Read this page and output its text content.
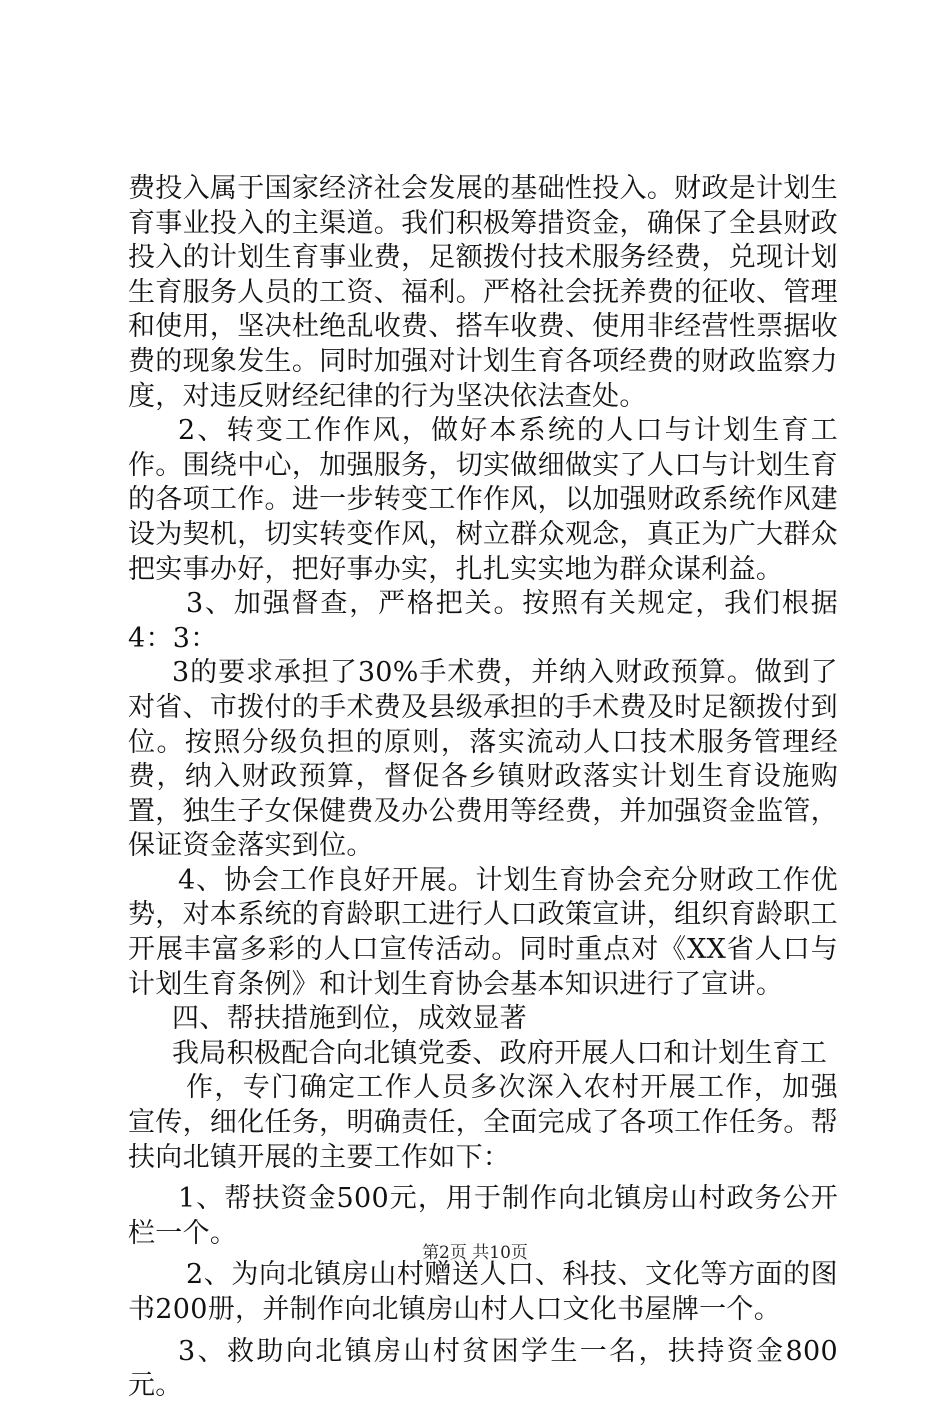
费投入属于国家经济社会发展的基础性投入。财政是计划生育事业投入的主渠道。我们积极筹措资金，确保了全县财政投入的计划生育事业费，足额拨付技术服务经费，兑现计划生育服务人员的工资、福利。严格社会抚养费的征收、管理和使用，坚决杜绝乱收费、搭车收费、使用非经营性票据收费的现象发生。同时加强对计划生育各项经费的财政监察力度，对违反财经纪律的行为坚决依法查处。

2、转变工作作风，做好本系统的人口与计划生育工作。围绕中心，加强服务，切实做细做实了人口与计划生育的各项工作。进一步转变工作作风，以加强财政系统作风建设为契机，切实转变作风，树立群众观念，真正为广大群众把实事办好，把好事办实，扎扎实实地为群众谋利益。

3、加强督查，严格把关。按照有关规定，我们根据4：3：

3的要求承担了30%手术费，并纳入财政预算。做到了对省、市拨付的手术费及县级承担的手术费及时足额拨付到位。按照分级负担的原则，落实流动人口技术服务管理经费，纳入财政预算，督促各乡镇财政落实计划生育设施购置，独生子女保健费及办公费用等经费，并加强资金监管，保证资金落实到位。

4、协会工作良好开展。计划生育协会充分财政工作优势，对本系统的育龄职工进行人口政策宣讲，组织育龄职工开展丰富多彩的人口宣传活动。同时重点对《XX省人口与计划生育条例》和计划生育协会基本知识进行了宣讲。

四、帮扶措施到位，成效显著

我局积极配合向北镇党委、政府开展人口和计划生育工

作，专门确定工作人员多次深入农村开展工作，加强宣传，细化任务，明确责任，全面完成了各项工作任务。帮扶向北镇开展的主要工作如下：

1、帮扶资金500元，用于制作向北镇房山村政务公开栏一个。

2、为向北镇房山村赠送人口、科技、文化等方面的图书200册，并制作向北镇房山村人口文化书屋牌一个。

3、救助向北镇房山村贫困学生一名，扶持资金800元。

第2页 共10页
